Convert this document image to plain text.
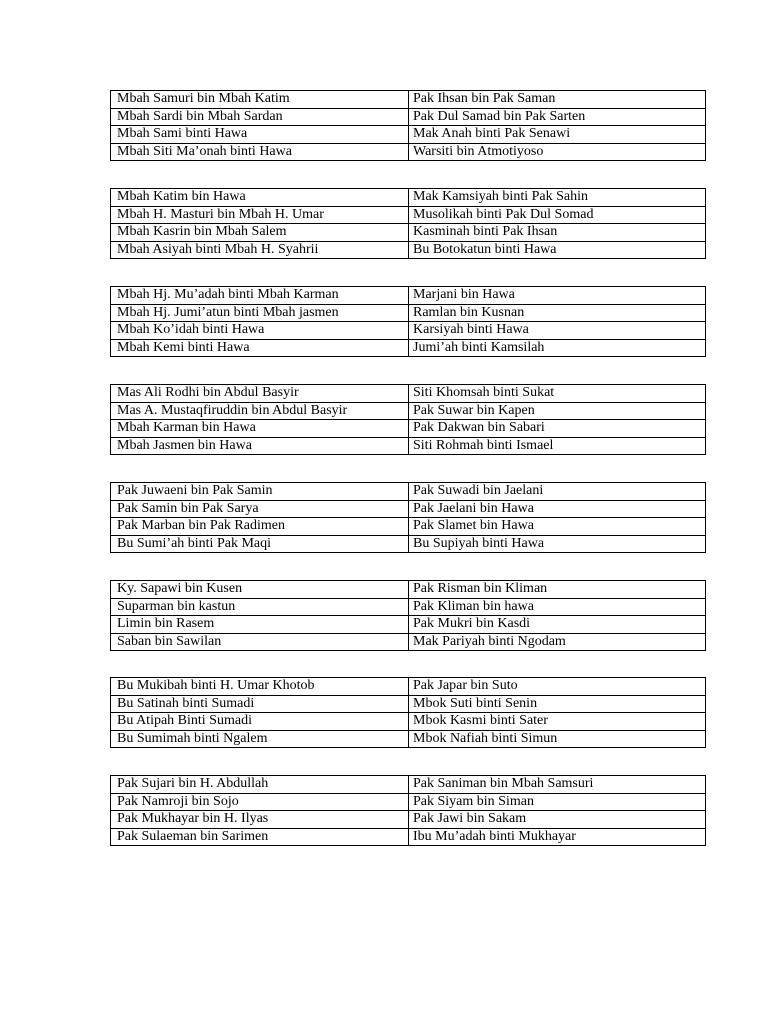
Mbah Samuri bin Mbah Katim	Pak Ihsan bin Pak Saman
Mbah Sardi bin Mbah Sardan	Pak Dul Samad bin Pak Sarten
Mbah Sami binti Hawa	Mak Anah binti Pak Senawi
Mbah Siti Ma’onah binti Hawa	Warsiti bin Atmotiyoso
Mbah Katim bin Hawa	Mak Kamsiyah binti Pak Sahin
Mbah H. Masturi bin Mbah H. Umar	Musolikah binti Pak Dul Somad
Mbah Kasrin bin Mbah Salem	Kasminah binti Pak Ihsan
Mbah Asiyah binti Mbah H. Syahrii	Bu Botokatun binti Hawa
Mbah Hj. Mu’adah binti Mbah Karman	Marjani bin Hawa
Mbah Hj. Jumi’atun binti Mbah jasmen	Ramlan bin Kusnan
Mbah Ko’idah binti Hawa	Karsiyah binti Hawa
Mbah Kemi binti Hawa	Jumi’ah binti Kamsilah
Mas Ali Rodhi bin Abdul Basyir	Siti Khomsah binti Sukat
Mas A. Mustaqfiruddin bin Abdul Basyir	Pak Suwar bin Kapen
Mbah Karman bin Hawa	Pak Dakwan bin Sabari
Mbah Jasmen bin Hawa	Siti Rohmah binti Ismael
Pak Juwaeni bin Pak Samin	Pak Suwadi bin Jaelani
Pak Samin bin Pak Sarya	Pak Jaelani bin Hawa
Pak Marban bin Pak Radimen	Pak Slamet bin Hawa
Bu Sumi’ah binti Pak Maqi	Bu Supiyah binti Hawa
Ky. Sapawi bin Kusen	Pak Risman bin Kliman
Suparman bin kastun	Pak Kliman bin hawa
Limin bin Rasem	Pak Mukri bin Kasdi
Saban bin Sawilan	Mak Pariyah binti Ngodam
Bu Mukibah binti H. Umar Khotob	Pak Japar bin Suto
Bu Satinah binti Sumadi	Mbok Suti binti Senin
Bu Atipah Binti Sumadi	Mbok Kasmi binti Sater
Bu Sumimah binti Ngalem	Mbok Nafiah binti Simun
Pak Sujari bin H. Abdullah	Pak Saniman bin Mbah Samsuri
Pak Namroji bin Sojo	Pak Siyam bin Siman
Pak Mukhayar bin H. Ilyas	Pak Jawi bin Sakam
Pak Sulaeman bin Sarimen	Ibu Mu’adah binti Mukhayar
